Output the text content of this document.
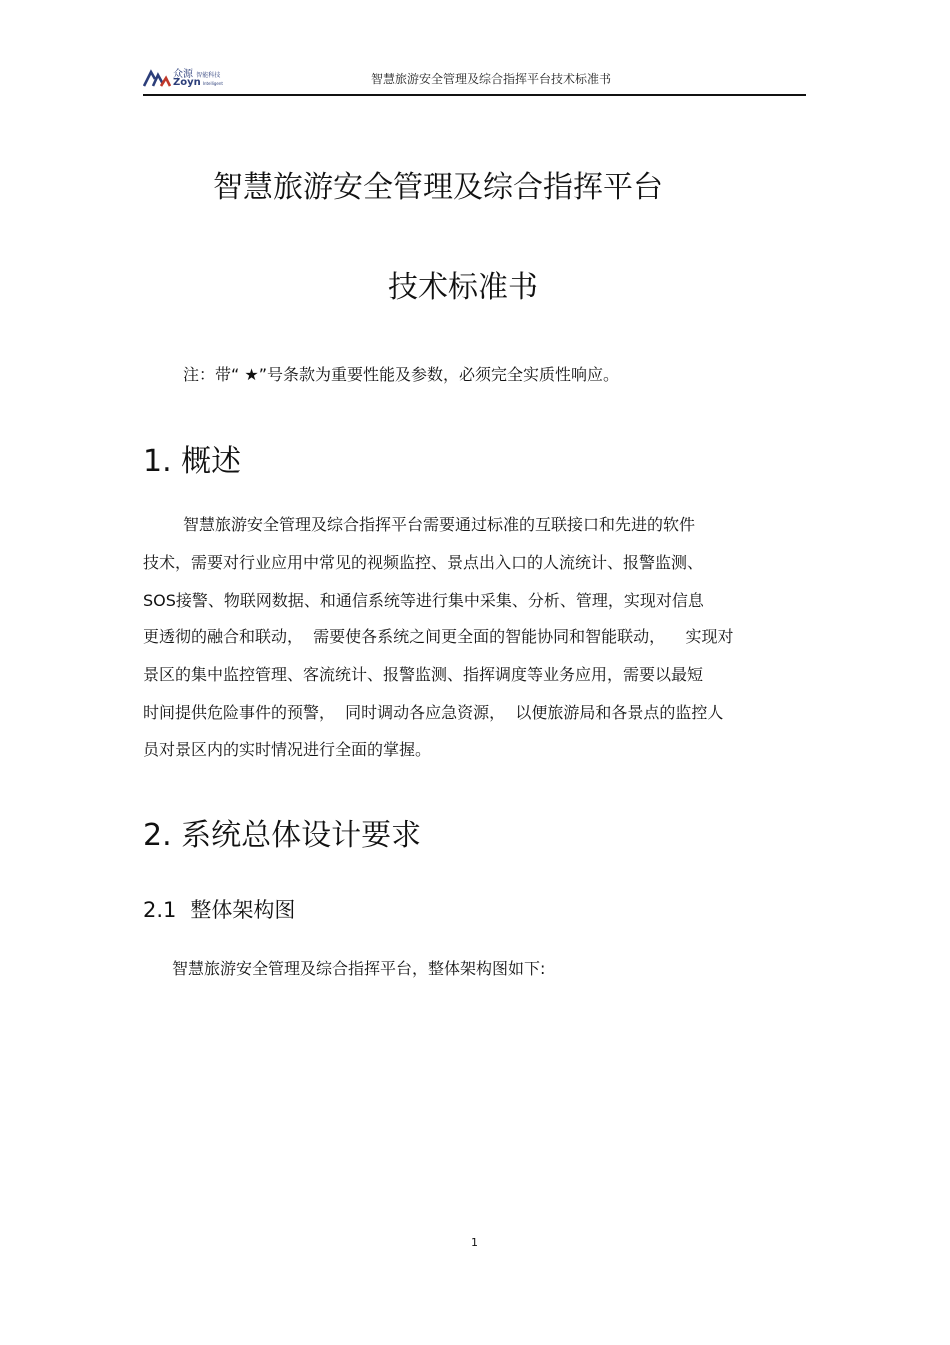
众源 智能科技
Zoyn Intelligent	智慧旅游安全管理及综合指挥平台技术标准书
智慧旅游安全管理及综合指挥平台
技术标准书
注：带“ ★”号条款为重要性能及参数，必须完全实质性响应。
1. 概述
智慧旅游安全管理及综合指挥平台需要通过标准的互联接口和先进的软件
技术，需要对行业应用中常见的视频监控、景点出入口的人流统计、报警监测、
SOS接警、物联网数据、和通信系统等进行集中采集、分析、管理，实现对信息
更透彻的融合和联动，  需要使各系统之间更全面的智能协同和智能联动，    实现对
景区的集中监控管理、客流统计、报警监测、指挥调度等业务应用，需要以最短
时间提供危险事件的预警，  同时调动各应急资源，  以便旅游局和各景点的监控人
员对景区内的实时情况进行全面的掌握。
2. 系统总体设计要求
2.1 整体架构图
智慧旅游安全管理及综合指挥平台，整体架构图如下:
1
